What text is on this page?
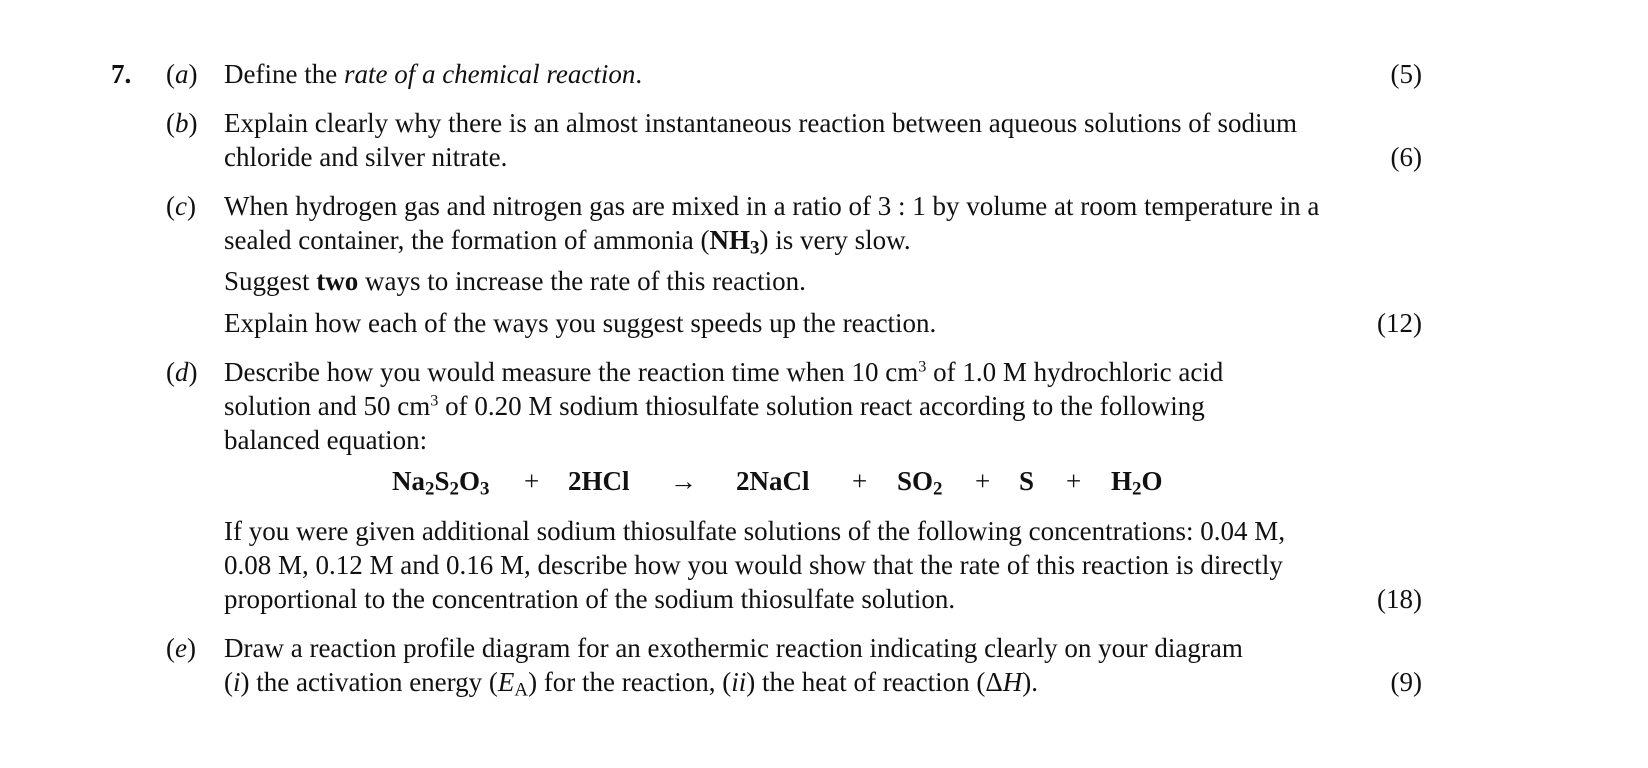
7. (a) Define the rate of a chemical reaction.	(5)
(b) Explain clearly why there is an almost instantaneous reaction between aqueous solutions of sodium
chloride and silver nitrate.	(6)
(c) When hydrogen gas and nitrogen gas are mixed in a ratio of 3 : 1 by volume at room temperature in a
sealed container, the formation of ammonia $(NH_3)$ is very slow.
Suggest two ways to increase the rate of this reaction.
Explain how each of the ways you suggest speeds up the reaction.	(12)
(d) Describe how you would measure the reaction time when 10 $cm^3$ of 1.0 M hydrochloric acid
solution and 50 $cm^3$ of 0.20 M sodium thiosulfate solution react according to the following
balanced equation:
$Na_2S_2O_3 + 2HCl$ → 2NaCl + $SO_2 + S + H_2O$
If you were given additional sodium thiosulfate solutions of the following concentrations: 0.04 M,
0.08 M, 0.12 M and 0.16 M, describe how you would show that the rate of this reaction is directly
proportional to the concentration of the sodium thiosulfate solution.	(18)
(e) Draw a reaction profile diagram for an exothermic reaction indicating clearly on your diagram
(i) the activation energy $(E_A)$ for the reaction, (ii) the heat of reaction (ΔH).	(9)
